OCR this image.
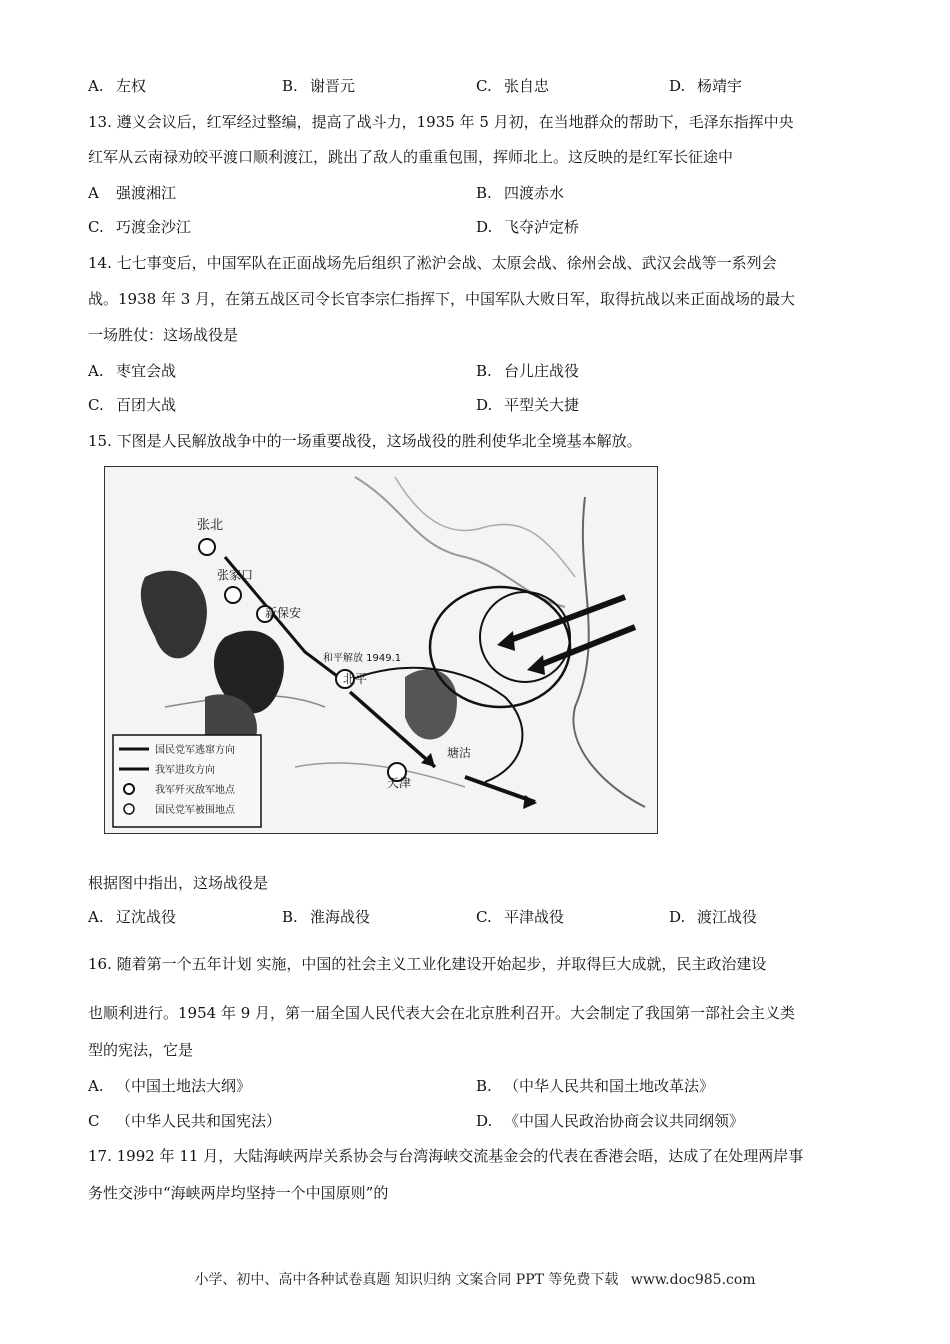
A. 左权	B. 谢晋元	C. 张自忠	D. 杨靖宇
13. 遵义会议后，红军经过整编，提高了战斗力，1935 年 5 月初，在当地群众的帮助下，毛泽东指挥中央
红军从云南禄劝皎平渡口顺利渡江，跳出了敌人的重重包围，挥师北上。这反映的是红军长征途中
A 强渡湘江	B. 四渡赤水
C. 巧渡金沙江	D. 飞夺泸定桥
14. 七七事变后，中国军队在正面战场先后组织了淞沪会战、太原会战、徐州会战、武汉会战等一系列会
战。1938 年 3 月，在第五战区司令长官李宗仁指挥下，中国军队大败日军，取得抗战以来正面战场的最大
一场胜仗：这场战役是
A. 枣宜会战	B. 台儿庄战役
C. 百团大战	D. 平型关大捷
15. 下图是人民解放战争中的一场重要战役，这场战役的胜利使华北全境基本解放。
张北
张家口
新保安
北平
天津
塘沽
和平解放 1949.1
国民党军逃窜方向
我军进攻方向
我军歼灭敌军地点
国民党军被围地点
根据图中指出，这场战役是
A. 辽沈战役	B. 淮海战役	C. 平津战役	D. 渡江战役
16. 随着第一个五年计划 实施，中国的社会主义工业化建设开始起步，并取得巨大成就，民主政治建设
也顺利进行。1954 年 9 月，第一届全国人民代表大会在北京胜利召开。大会制定了我国第一部社会主义类
型的宪法，它是
A. （中国土地法大纲》	B. （中华人民共和国土地改革法》
C （中华人民共和国宪法）	D. 《中国人民政治协商会议共同纲领》
17. 1992 年 11 月，大陆海峡两岸关系协会与台湾海峡交流基金会的代表在香港会晤，达成了在处理两岸事
务性交涉中“海峡两岸均坚持一个中国原则”的
小学、初中、高中各种试卷真题 知识归纳 文案合同 PPT 等免费下载 www.doc985.com
